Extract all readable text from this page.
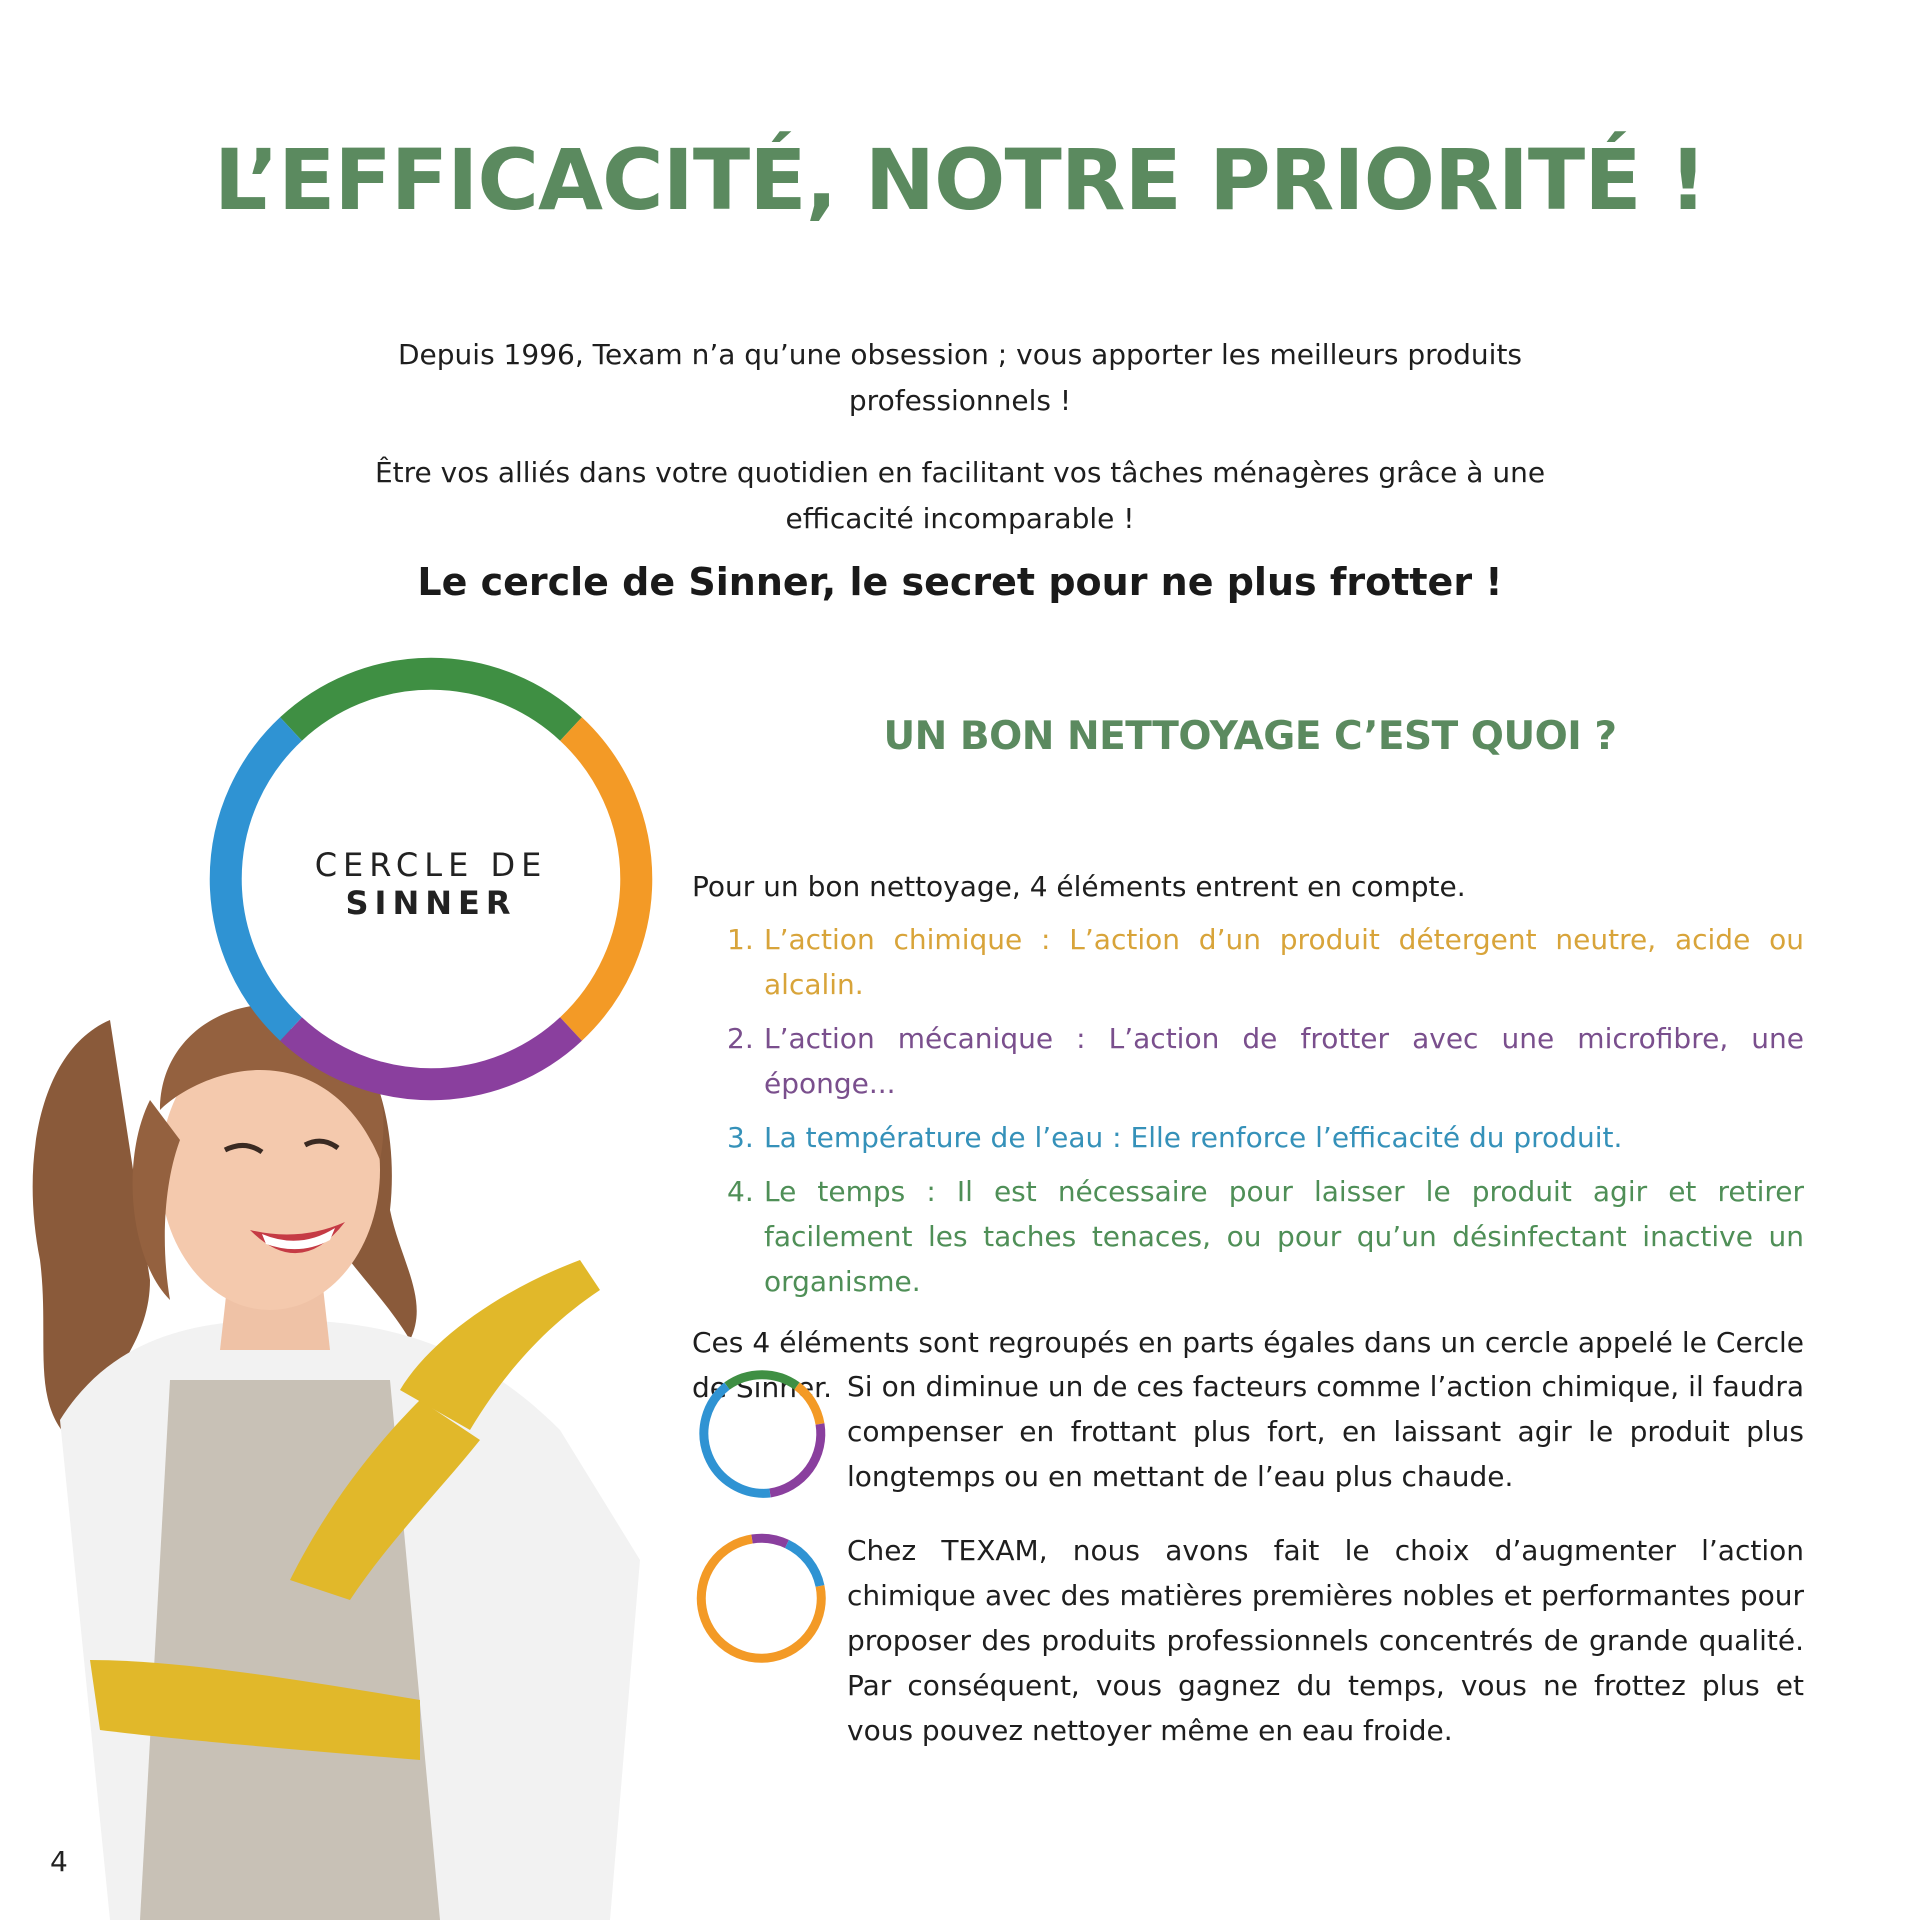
L’EFFICACITÉ, NOTRE PRIORITÉ !

Depuis 1996, Texam n’a qu’une obsession ; vous apporter les meilleurs produits professionnels !

Être vos alliés dans votre quotidien en facilitant vos tâches ménagères grâce à une efficacité incomparable !

Le cercle de Sinner, le secret pour ne plus frotter !
CERCLE DE
SINNER
UN BON NETTOYAGE C’EST QUOI ?

Pour un bon nettoyage, 4 éléments entrent en compte.

1. L’action chimique : L’action d’un produit détergent neutre, acide ou alcalin.
2. L’action mécanique : L’action de frotter avec une microfibre, une éponge...
3. La température de l’eau : Elle renforce l’efficacité du produit.
4. Le temps : Il est nécessaire pour laisser le produit agir et retirer facilement les taches tenaces, ou pour qu’un désinfectant inactive un organisme.

Ces 4 éléments sont regroupés en parts égales dans un cercle appelé le Cercle de Sinner. Si on diminue un de ces facteurs comme l’action chimique, il faudra compenser en frottant plus fort, en laissant agir le produit plus longtemps ou en mettant de l’eau plus chaude.
Chez TEXAM, nous avons fait le choix d’augmenter l’action chimique avec des matières premières nobles et performantes pour proposer des produits professionnels concentrés de grande qualité. Par conséquent, vous gagnez du temps, vous ne frottez plus et vous pouvez nettoyer même en eau froide.
4
